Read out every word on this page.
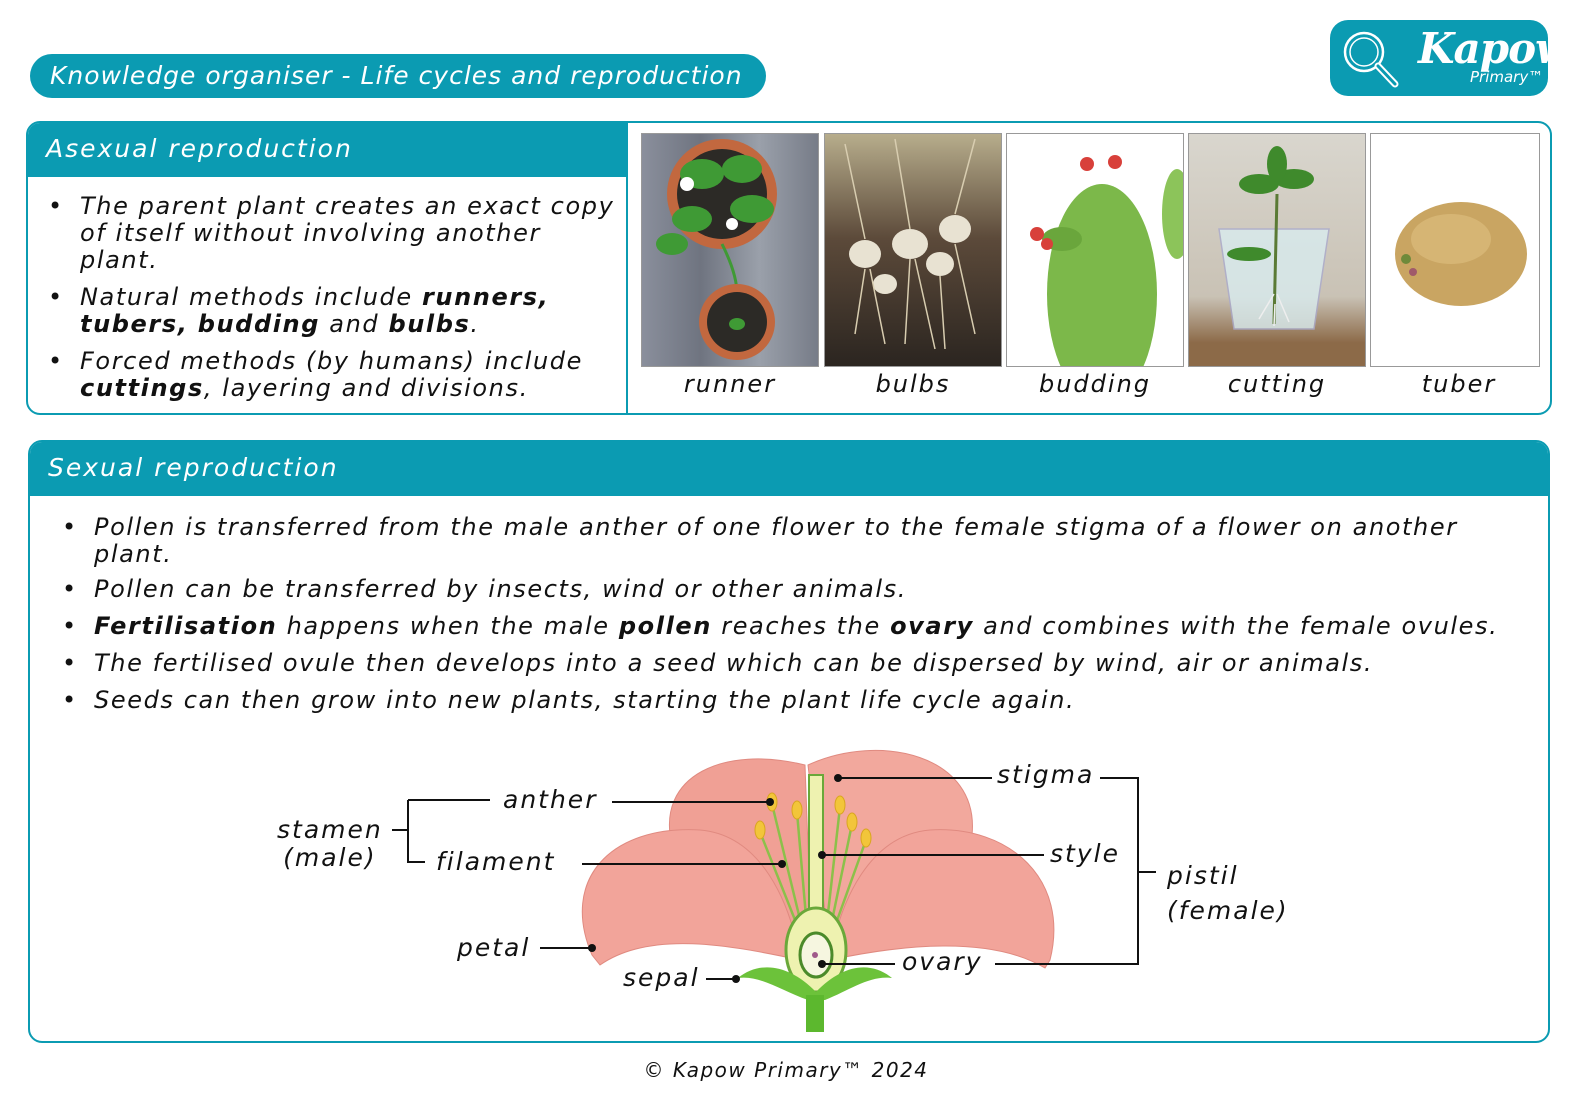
Knowledge organiser - Life cycles and reproduction
Kapow
Primary™
Asexual reproduction
• The parent plant creates an exact copy of itself without involving another plant.
• Natural methods include runners, tubers, budding and bulbs.
• Forced methods (by humans) include cuttings, layering and divisions.	runner	bulbs	budding	cutting	tuber
Sexual reproduction
• Pollen is transferred from the male anther of one flower to the female stigma of a flower on another plant.
• Pollen can be transferred by insects, wind or other animals.
• Fertilisation happens when the male pollen reaches the ovary and combines with the female ovules.
• The fertilised ovule then develops into a seed which can be dispersed by wind, air or animals.
• Seeds can then grow into new plants, starting the plant life cycle again.
stamen
(male)
anther
filament
petal
sepal
stigma
style
ovary
pistil
(female)
© Kapow Primary™ 2024
